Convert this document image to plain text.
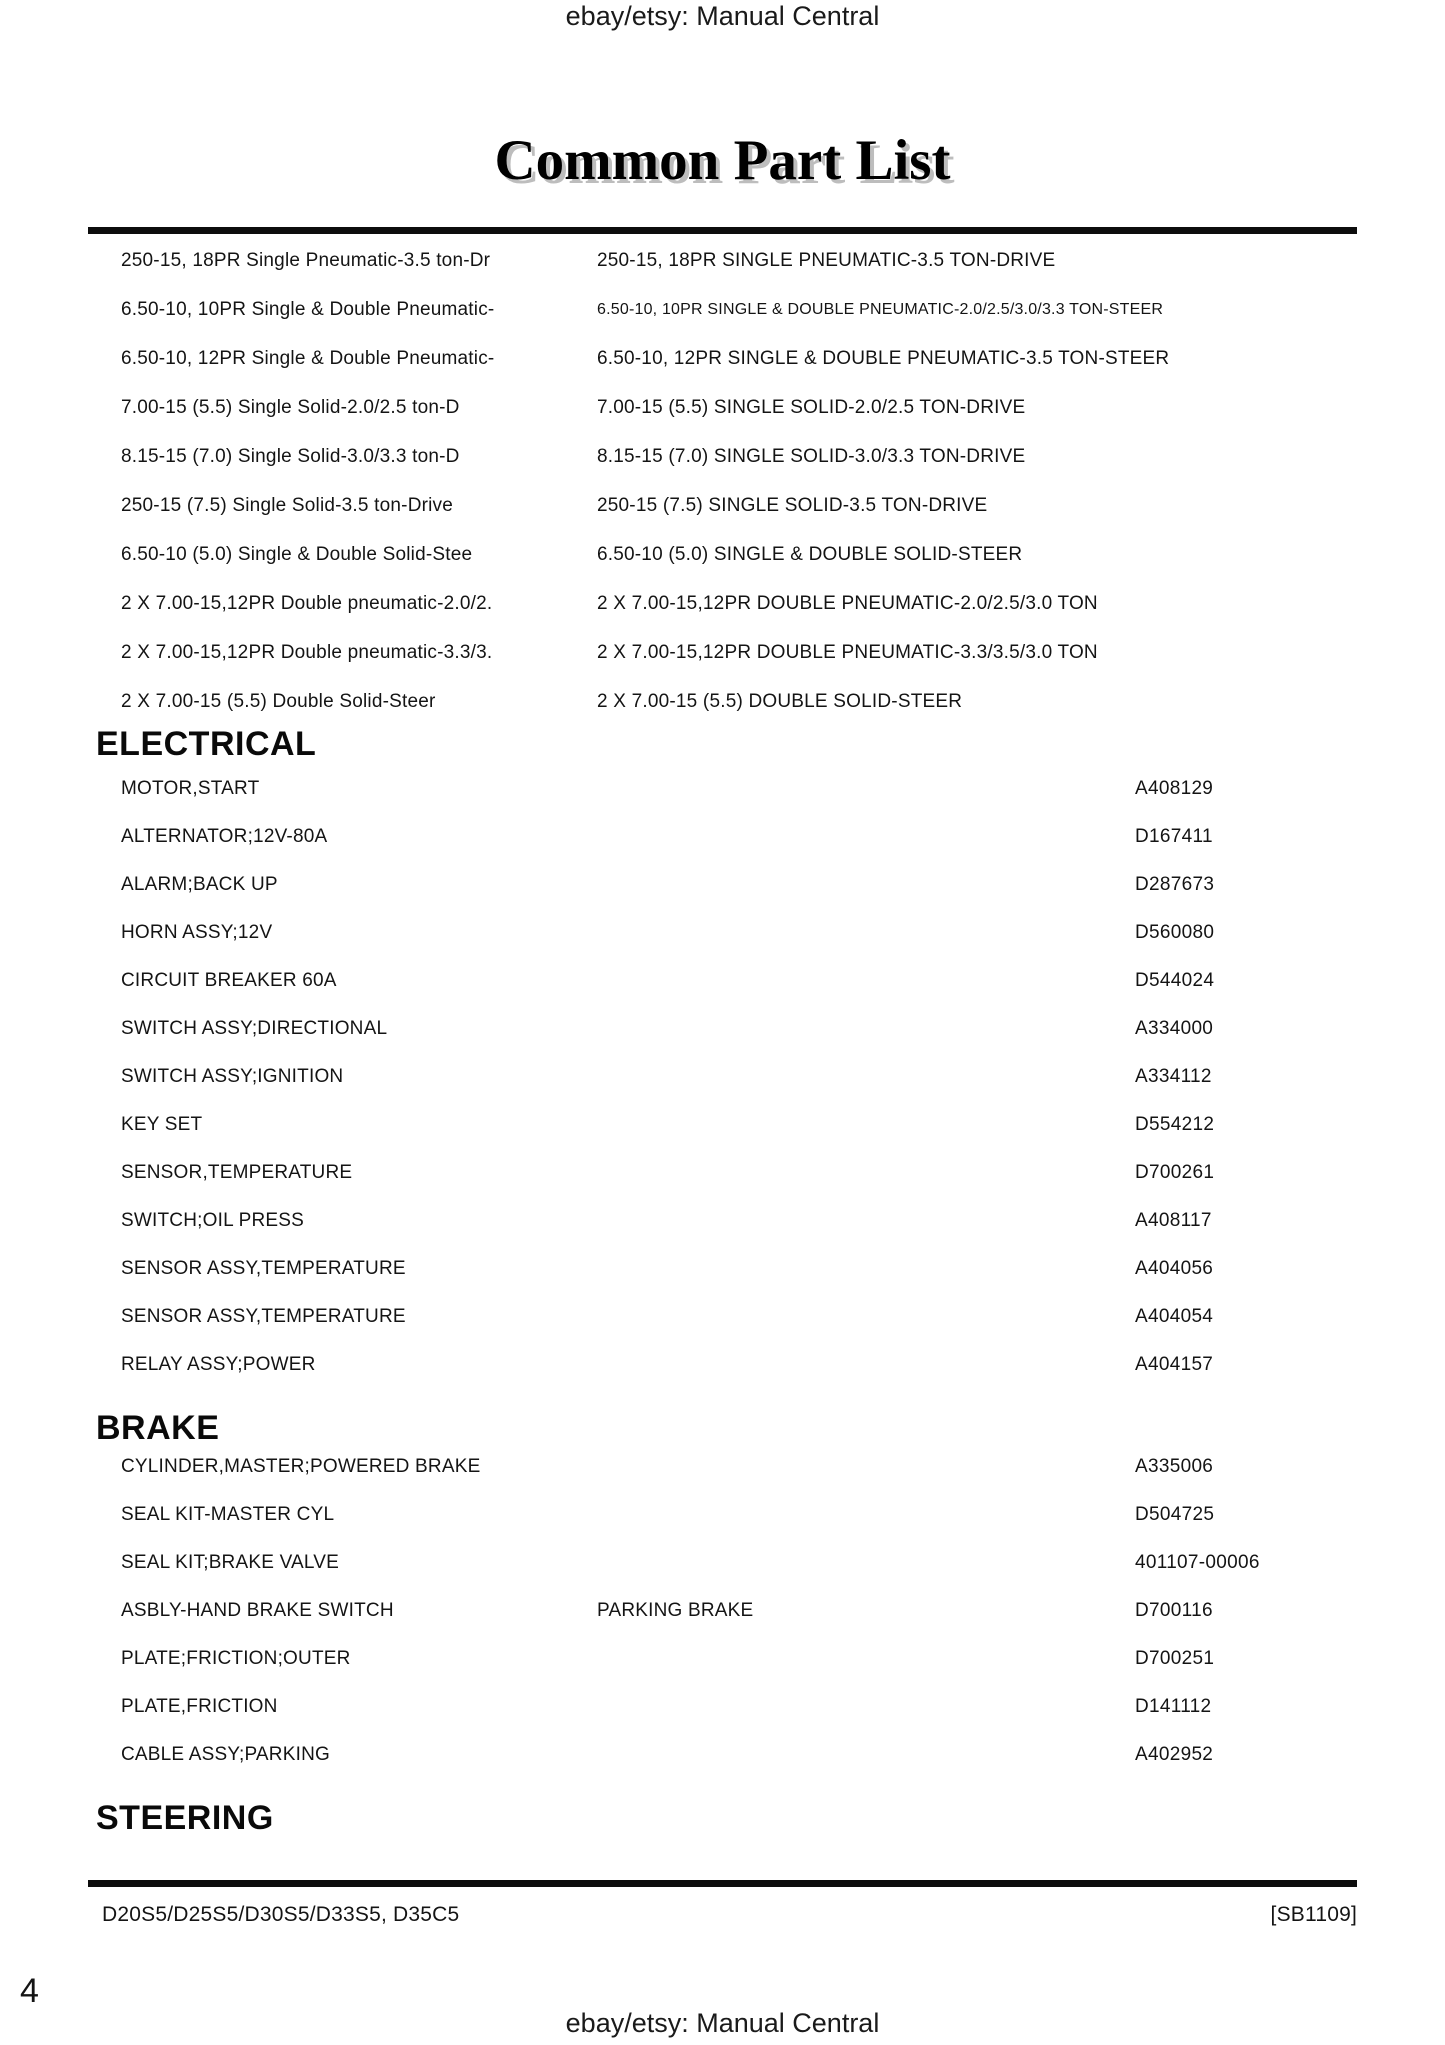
ebay/etsy: Manual Central
Common Part List
250-15, 18PR Single Pneumatic-3.5 ton-Dr	250-15, 18PR SINGLE PNEUMATIC-3.5 TON-DRIVE
6.50-10, 10PR Single & Double Pneumatic-	6.50-10, 10PR SINGLE & DOUBLE PNEUMATIC-2.0/2.5/3.0/3.3 TON-STEER
6.50-10, 12PR Single & Double Pneumatic-	6.50-10, 12PR SINGLE & DOUBLE PNEUMATIC-3.5 TON-STEER
7.00-15 (5.5) Single Solid-2.0/2.5 ton-D	7.00-15 (5.5) SINGLE SOLID-2.0/2.5 TON-DRIVE
8.15-15 (7.0) Single Solid-3.0/3.3 ton-D	8.15-15 (7.0) SINGLE SOLID-3.0/3.3 TON-DRIVE
250-15 (7.5) Single Solid-3.5 ton-Drive	250-15 (7.5) SINGLE SOLID-3.5 TON-DRIVE
6.50-10 (5.0) Single & Double Solid-Stee	6.50-10 (5.0) SINGLE & DOUBLE SOLID-STEER
2 X 7.00-15,12PR Double pneumatic-2.0/2.	2 X 7.00-15,12PR DOUBLE PNEUMATIC-2.0/2.5/3.0 TON
2 X 7.00-15,12PR Double pneumatic-3.3/3.	2 X 7.00-15,12PR DOUBLE PNEUMATIC-3.3/3.5/3.0 TON
2 X 7.00-15 (5.5) Double Solid-Steer	2 X 7.00-15 (5.5) DOUBLE SOLID-STEER
ELECTRICAL
MOTOR,START	A408129
ALTERNATOR;12V-80A	D167411
ALARM;BACK UP	D287673
HORN ASSY;12V	D560080
CIRCUIT BREAKER 60A	D544024
SWITCH ASSY;DIRECTIONAL	A334000
SWITCH ASSY;IGNITION	A334112
KEY SET	D554212
SENSOR,TEMPERATURE	D700261
SWITCH;OIL PRESS	A408117
SENSOR ASSY,TEMPERATURE	A404056
SENSOR ASSY,TEMPERATURE	A404054
RELAY ASSY;POWER	A404157
BRAKE
CYLINDER,MASTER;POWERED BRAKE	A335006
SEAL KIT-MASTER CYL	D504725
SEAL KIT;BRAKE VALVE	401107-00006
ASBLY-HAND BRAKE SWITCH	PARKING BRAKE	D700116
PLATE;FRICTION;OUTER	D700251
PLATE,FRICTION	D141112
CABLE ASSY;PARKING	A402952
STEERING
D20S5/D25S5/D30S5/D33S5, D35C5	[SB1109]
4
ebay/etsy: Manual Central
